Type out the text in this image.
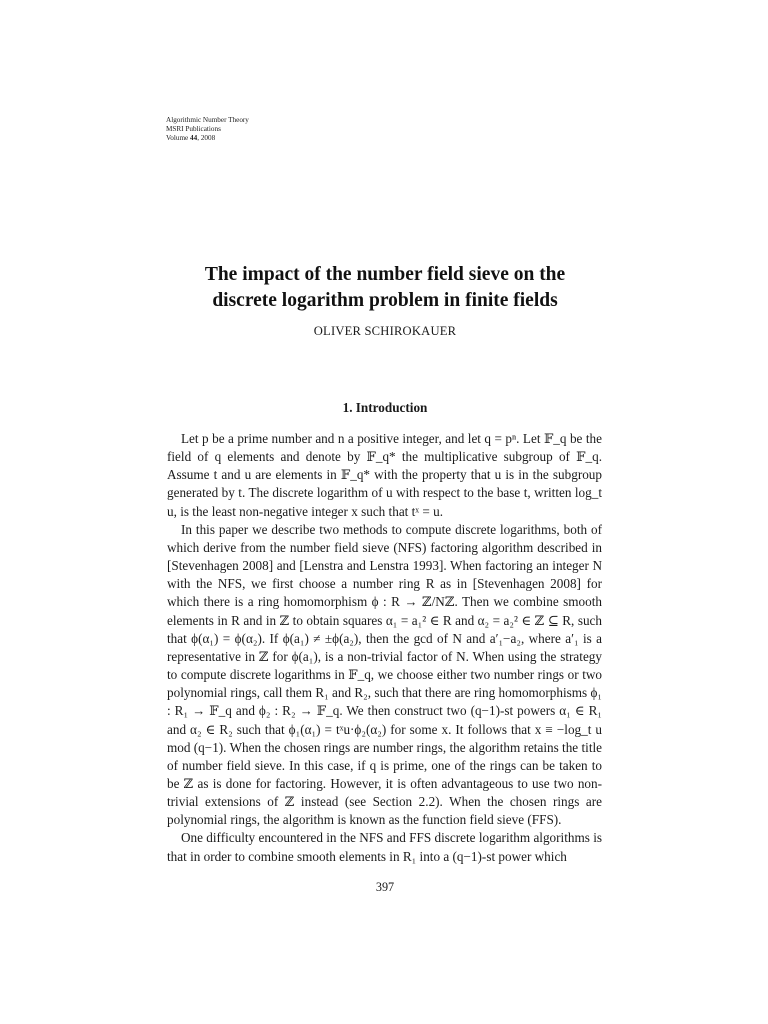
Algorithmic Number Theory
MSRI Publications
Volume 44, 2008
The impact of the number field sieve on the
discrete logarithm problem in finite fields
OLIVER SCHIROKAUER
1. Introduction

Let p be a prime number and n a positive integer, and let q = pⁿ. Let 𝔽_q be the field of q elements and denote by 𝔽_q* the multiplicative subgroup of 𝔽_q. Assume t and u are elements in 𝔽_q* with the property that u is in the subgroup generated by t. The discrete logarithm of u with respect to the base t, written log_t u, is the least non-negative integer x such that tˣ = u.

In this paper we describe two methods to compute discrete logarithms, both of which derive from the number field sieve (NFS) factoring algorithm described in [Stevenhagen 2008] and [Lenstra and Lenstra 1993]. When factoring an integer N with the NFS, we first choose a number ring R as in [Stevenhagen 2008] for which there is a ring homomorphism ϕ : R → ℤ/Nℤ. Then we combine smooth elements in R and in ℤ to obtain squares α₁ = a₁² ∈ R and α₂ = a₂² ∈ ℤ ⊆ R, such that ϕ(α₁) = ϕ(α₂). If ϕ(a₁) ≠ ±ϕ(a₂), then the gcd of N and a′₁−a₂, where a′₁ is a representative in ℤ for ϕ(a₁), is a non-trivial factor of N. When using the strategy to compute discrete logarithms in 𝔽_q, we choose either two number rings or two polynomial rings, call them R₁ and R₂, such that there are ring homomorphisms ϕ₁ : R₁ → 𝔽_q and ϕ₂ : R₂ → 𝔽_q. We then construct two (q−1)-st powers α₁ ∈ R₁ and α₂ ∈ R₂ such that ϕ₁(α₁) = tˣu·ϕ₂(α₂) for some x. It follows that x ≡ −log_t u mod (q−1). When the chosen rings are number rings, the algorithm retains the title of number field sieve. In this case, if q is prime, one of the rings can be taken to be ℤ as is done for factoring. However, it is often advantageous to use two non-trivial extensions of ℤ instead (see Section 2.2). When the chosen rings are polynomial rings, the algorithm is known as the function field sieve (FFS).

One difficulty encountered in the NFS and FFS discrete logarithm algorithms is that in order to combine smooth elements in R₁ into a (q−1)-st power which

397
